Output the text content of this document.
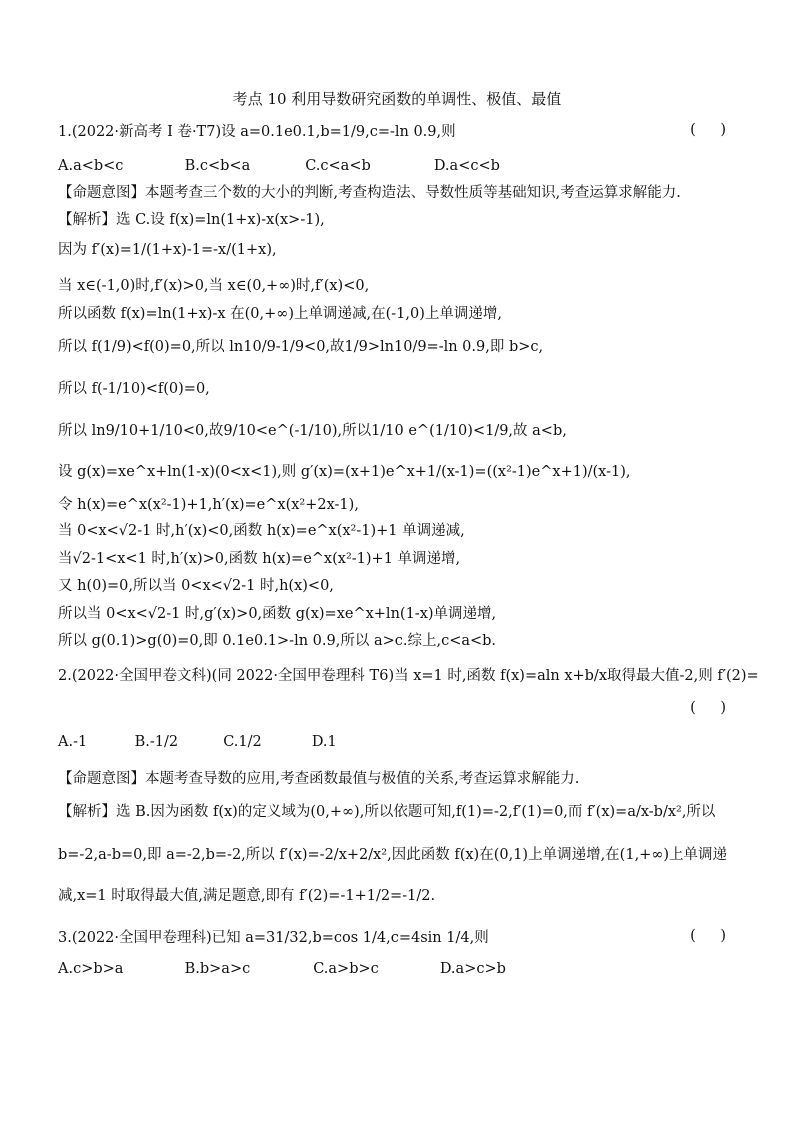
考点 10 利用导数研究函数的单调性、极值、最值
1.(2022·新高考 I 卷·T7)设 a=0.1e0.1,b=1/9,c=-ln 0.9,则	( )
A.a<b<c	B.c<b<a	C.c<a<b	D.a<c<b
【命题意图】本题考查三个数的大小的判断,考查构造法、导数性质等基础知识,考查运算求解能力.
【解析】选 C.设 f(x)=ln(1+x)-x(x>-1),
因为 f′(x)=1/(1+x)-1=-x/(1+x),
当 x∈(-1,0)时,f′(x)>0,当 x∈(0,+∞)时,f′(x)<0,
所以函数 f(x)=ln(1+x)-x 在(0,+∞)上单调递减,在(-1,0)上单调递增,
所以 f(1/9)<f(0)=0,所以 ln10/9-1/9<0,故1/9>ln10/9=-ln 0.9,即 b>c,
所以 f(-1/10)<f(0)=0,
所以 ln9/10+1/10<0,故9/10<e^(-1/10),所以1/10 e^(1/10)<1/9,故 a<b,
设 g(x)=xe^x+ln(1-x)(0<x<1),则 g′(x)=(x+1)e^x+1/(x-1)=((x²-1)e^x+1)/(x-1),
令 h(x)=e^x(x²-1)+1,h′(x)=e^x(x²+2x-1),
当 0<x<√2-1 时,h′(x)<0,函数 h(x)=e^x(x²-1)+1 单调递减,
当√2-1<x<1 时,h′(x)>0,函数 h(x)=e^x(x²-1)+1 单调递增,
又 h(0)=0,所以当 0<x<√2-1 时,h(x)<0,
所以当 0<x<√2-1 时,g′(x)>0,函数 g(x)=xe^x+ln(1-x)单调递增,
所以 g(0.1)>g(0)=0,即 0.1e0.1>-ln 0.9,所以 a>c.综上,c<a<b.
2.(2022·全国甲卷文科)(同 2022·全国甲卷理科 T6)当 x=1 时,函数 f(x)=aln x+b/x取得最大值-2,则 f′(2)=
( )
A.-1	B.-1/2	C.1/2	D.1
【命题意图】本题考查导数的应用,考查函数最值与极值的关系,考查运算求解能力.
【解析】选 B.因为函数 f(x)的定义域为(0,+∞),所以依题可知,f(1)=-2,f′(1)=0,而 f′(x)=a/x-b/x²,所以
b=-2,a-b=0,即 a=-2,b=-2,所以 f′(x)=-2/x+2/x²,因此函数 f(x)在(0,1)上单调递增,在(1,+∞)上单调递
减,x=1 时取得最大值,满足题意,即有 f′(2)=-1+1/2=-1/2.
3.(2022·全国甲卷理科)已知 a=31/32,b=cos 1/4,c=4sin 1/4,则	( )
A.c>b>a	B.b>a>c	C.a>b>c	D.a>c>b
